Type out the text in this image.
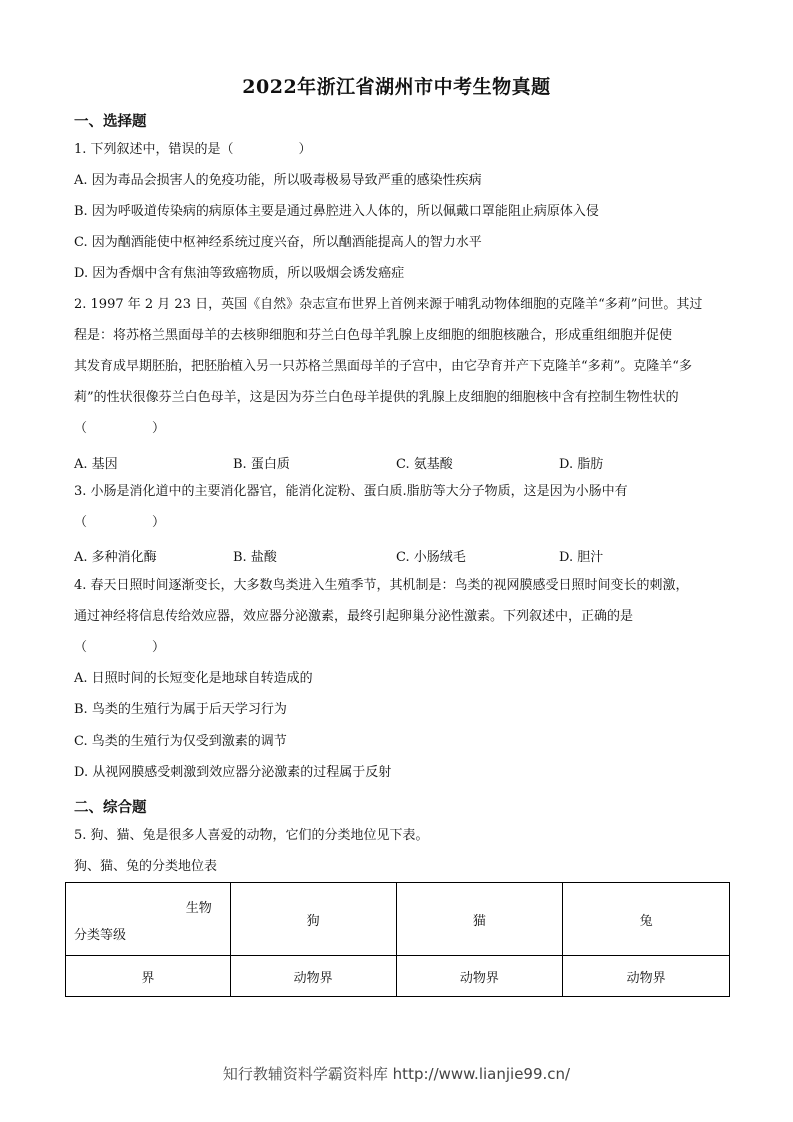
2022年浙江省湖州市中考生物真题
一、选择题
1. 下列叙述中，错误的是（　　　　　）
A. 因为毒品会损害人的免疫功能，所以吸毒极易导致严重的感染性疾病
B. 因为呼吸道传染病的病原体主要是通过鼻腔进入人体的，所以佩戴口罩能阻止病原体入侵
C. 因为酗酒能使中枢神经系统过度兴奋，所以酗酒能提高人的智力水平
D. 因为香烟中含有焦油等致癌物质，所以吸烟会诱发癌症
2. 1997 年 2 月 23 日，英国《自然》杂志宣布世界上首例来源于哺乳动物体细胞的克隆羊“多莉”问世。其过
程是：将苏格兰黑面母羊的去核卵细胞和芬兰白色母羊乳腺上皮细胞的细胞核融合，形成重组细胞并促使
其发育成早期胚胎，把胚胎植入另一只苏格兰黑面母羊的子宫中，由它孕育并产下克隆羊“多莉”。克隆羊“多
莉”的性状很像芬兰白色母羊，这是因为芬兰白色母羊提供的乳腺上皮细胞的细胞核中含有控制生物性状的
（　　　　　）
A. 基因	B. 蛋白质	C. 氨基酸	D. 脂肪
3. 小肠是消化道中的主要消化器官，能消化淀粉、蛋白质.脂肪等大分子物质，这是因为小肠中有
（　　　　　）
A. 多种消化酶	B. 盐酸	C. 小肠绒毛	D. 胆汁
4. 春天日照时间逐渐变长，大多数鸟类进入生殖季节，其机制是：鸟类的视网膜感受日照时间变长的刺激，
通过神经将信息传给效应器，效应器分泌激素，最终引起卵巢分泌性激素。下列叙述中，正确的是
（　　　　　）
A. 日照时间的长短变化是地球自转造成的
B. 鸟类的生殖行为属于后天学习行为
C. 鸟类的生殖行为仅受到激素的调节
D. 从视网膜感受刺激到效应器分泌激素的过程属于反射
二、综合题
5. 狗、猫、兔是很多人喜爱的动物，它们的分类地位见下表。
狗、猫、兔的分类地位表
生物
分类等级	狗	猫	兔
界	动物界	动物界	动物界
知行教辅资料学霸资料库 http://www.lianjie99.cn/
